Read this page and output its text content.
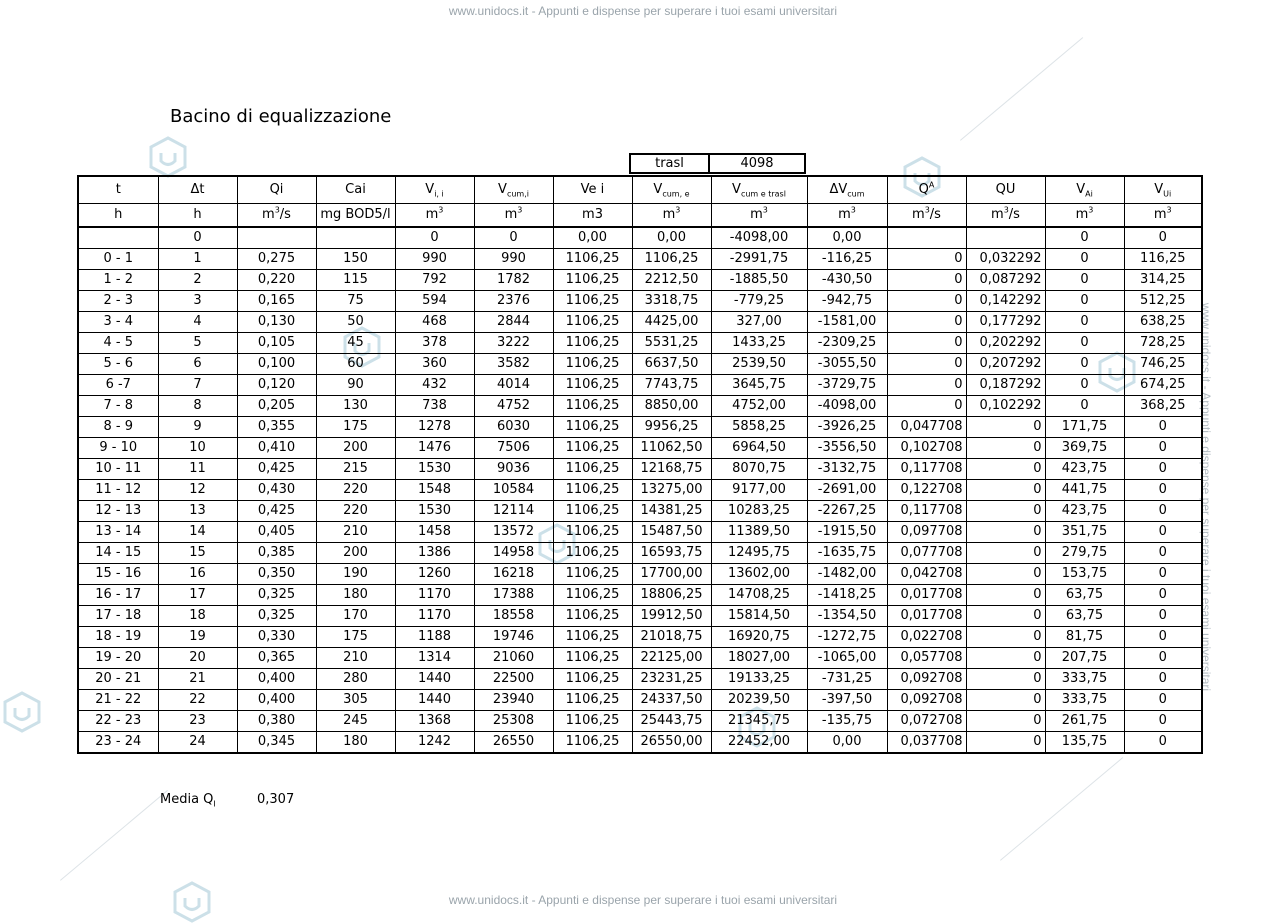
www.unidocs.it - Appunti e dispense per superare i tuoi esami universitari
www.unidocs.it - Appunti e dispense per superare i tuoi esami universitari
www.unidocs.it - Appunti e dispense per superare i tuoi esami universitari
Bacino di equalizzazione
trasl	4098
t	Δt	Qi	Cai	$V_{i, i}$	$V_{cum,i}$	Ve i	$V_{cum, e}$	$V_{cum e trasl}$	$\Delta V_{cum}$	$Q^A$	QU	$V_{Ai}$	$V_{Ui}$
h	h	$m^3/s$	mg BOD5/l	$m^3$	$m^3$	m3	$m^3$	$m^3$	$m^3$	$m^3/s$	$m^3/s$	$m^3$	$m^3$
	0			0	0	0,00	0,00	-4098,00	0,00			0	0
0 - 1	1	0,275	150	990	990	1106,25	1106,25	-2991,75	-116,25	0	0,032292	0	116,25
1 - 2	2	0,220	115	792	1782	1106,25	2212,50	-1885,50	-430,50	0	0,087292	0	314,25
2 - 3	3	0,165	75	594	2376	1106,25	3318,75	-779,25	-942,75	0	0,142292	0	512,25
3 - 4	4	0,130	50	468	2844	1106,25	4425,00	327,00	-1581,00	0	0,177292	0	638,25
4 - 5	5	0,105	45	378	3222	1106,25	5531,25	1433,25	-2309,25	0	0,202292	0	728,25
5 - 6	6	0,100	60	360	3582	1106,25	6637,50	2539,50	-3055,50	0	0,207292	0	746,25
6 -7	7	0,120	90	432	4014	1106,25	7743,75	3645,75	-3729,75	0	0,187292	0	674,25
7 - 8	8	0,205	130	738	4752	1106,25	8850,00	4752,00	-4098,00	0	0,102292	0	368,25
8 - 9	9	0,355	175	1278	6030	1106,25	9956,25	5858,25	-3926,25	0,047708	0	171,75	0
9 - 10	10	0,410	200	1476	7506	1106,25	11062,50	6964,50	-3556,50	0,102708	0	369,75	0
10 - 11	11	0,425	215	1530	9036	1106,25	12168,75	8070,75	-3132,75	0,117708	0	423,75	0
11 - 12	12	0,430	220	1548	10584	1106,25	13275,00	9177,00	-2691,00	0,122708	0	441,75	0
12 - 13	13	0,425	220	1530	12114	1106,25	14381,25	10283,25	-2267,25	0,117708	0	423,75	0
13 - 14	14	0,405	210	1458	13572	1106,25	15487,50	11389,50	-1915,50	0,097708	0	351,75	0
14 - 15	15	0,385	200	1386	14958	1106,25	16593,75	12495,75	-1635,75	0,077708	0	279,75	0
15 - 16	16	0,350	190	1260	16218	1106,25	17700,00	13602,00	-1482,00	0,042708	0	153,75	0
16 - 17	17	0,325	180	1170	17388	1106,25	18806,25	14708,25	-1418,25	0,017708	0	63,75	0
17 - 18	18	0,325	170	1170	18558	1106,25	19912,50	15814,50	-1354,50	0,017708	0	63,75	0
18 - 19	19	0,330	175	1188	19746	1106,25	21018,75	16920,75	-1272,75	0,022708	0	81,75	0
19 - 20	20	0,365	210	1314	21060	1106,25	22125,00	18027,00	-1065,00	0,057708	0	207,75	0
20 - 21	21	0,400	280	1440	22500	1106,25	23231,25	19133,25	-731,25	0,092708	0	333,75	0
21 - 22	22	0,400	305	1440	23940	1106,25	24337,50	20239,50	-397,50	0,092708	0	333,75	0
22 - 23	23	0,380	245	1368	25308	1106,25	25443,75	21345,75	-135,75	0,072708	0	261,75	0
23 - 24	24	0,345	180	1242	26550	1106,25	26550,00	22452,00	0,00	0,037708	0	135,75	0
Media $Q_I$	0,307
